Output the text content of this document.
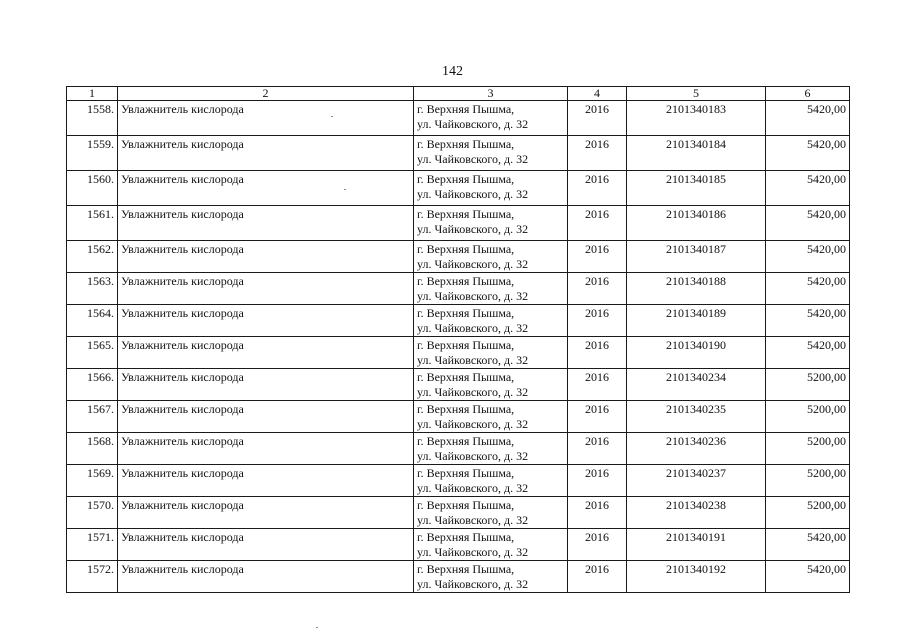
142
1	2	3	4	5	6
1558.	Увлажнитель кислорода	г. Верхняя Пышма,
ул. Чайковского, д. 32	2016	2101340183	5420,00
1559.	Увлажнитель кислорода	г. Верхняя Пышма,
ул. Чайковского, д. 32	2016	2101340184	5420,00
1560.	Увлажнитель кислорода	г. Верхняя Пышма,
ул. Чайковского, д. 32	2016	2101340185	5420,00
1561.	Увлажнитель кислорода	г. Верхняя Пышма,
ул. Чайковского, д. 32	2016	2101340186	5420,00
1562.	Увлажнитель кислорода	г. Верхняя Пышма,
ул. Чайковского, д. 32	2016	2101340187	5420,00
1563.	Увлажнитель кислорода	г. Верхняя Пышма,
ул. Чайковского, д. 32	2016	2101340188	5420,00
1564.	Увлажнитель кислорода	г. Верхняя Пышма,
ул. Чайковского, д. 32	2016	2101340189	5420,00
1565.	Увлажнитель кислорода	г. Верхняя Пышма,
ул. Чайковского, д. 32	2016	2101340190	5420,00
1566.	Увлажнитель кислорода	г. Верхняя Пышма,
ул. Чайковского, д. 32	2016	2101340234	5200,00
1567.	Увлажнитель кислорода	г. Верхняя Пышма,
ул. Чайковского, д. 32	2016	2101340235	5200,00
1568.	Увлажнитель кислорода	г. Верхняя Пышма,
ул. Чайковского, д. 32	2016	2101340236	5200,00
1569.	Увлажнитель кислорода	г. Верхняя Пышма,
ул. Чайковского, д. 32	2016	2101340237	5200,00
1570.	Увлажнитель кислорода	г. Верхняя Пышма,
ул. Чайковского, д. 32	2016	2101340238	5200,00
1571.	Увлажнитель кислорода	г. Верхняя Пышма,
ул. Чайковского, д. 32	2016	2101340191	5420,00
1572.	Увлажнитель кислорода	г. Верхняя Пышма,
ул. Чайковского, д. 32	2016	2101340192	5420,00
